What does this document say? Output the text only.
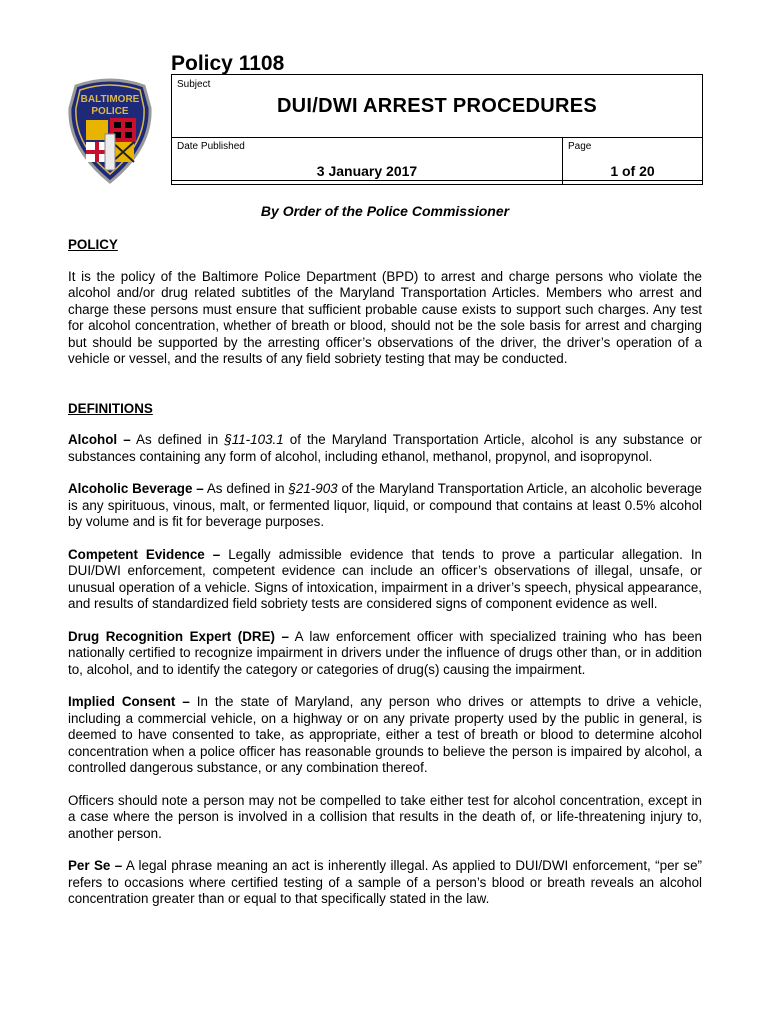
BALTIMORE
POLICE
Policy 1108
Subject
DUI/DWI ARREST PROCEDURES
Date Published	Page
3 January 2017	1 of 20
By Order of the Police Commissioner
POLICY

It is the policy of the Baltimore Police Department (BPD) to arrest and charge persons who violate the alcohol and/or drug related subtitles of the Maryland Transportation Articles. Members who arrest and charge these persons must ensure that sufficient probable cause exists to support such charges. Any test for alcohol concentration, whether of breath or blood, should not be the sole basis for arrest and charging but should be supported by the arresting officer’s observations of the driver, the driver’s operation of a vehicle or vessel, and the results of any field sobriety testing that may be conducted.

DEFINITIONS

Alcohol – As defined in §11-103.1 of the Maryland Transportation Article, alcohol is any substance or substances containing any form of alcohol, including ethanol, methanol, propynol, and isopropynol.

Alcoholic Beverage – As defined in §21-903 of the Maryland Transportation Article, an alcoholic beverage is any spirituous, vinous, malt, or fermented liquor, liquid, or compound that contains at least 0.5% alcohol by volume and is fit for beverage purposes.

Competent Evidence – Legally admissible evidence that tends to prove a particular allegation. In DUI/DWI enforcement, competent evidence can include an officer’s observations of illegal, unsafe, or unusual operation of a vehicle. Signs of intoxication, impairment in a driver’s speech, physical appearance, and results of standardized field sobriety tests are considered signs of component evidence as well.

Drug Recognition Expert (DRE) – A law enforcement officer with specialized training who has been nationally certified to recognize impairment in drivers under the influence of drugs other than, or in addition to, alcohol, and to identify the category or categories of drug(s) causing the impairment.

Implied Consent – In the state of Maryland, any person who drives or attempts to drive a vehicle, including a commercial vehicle, on a highway or on any private property used by the public in general, is deemed to have consented to take, as appropriate, either a test of breath or blood to determine alcohol concentration when a police officer has reasonable grounds to believe the person is impaired by alcohol, a controlled dangerous substance, or any combination thereof.

Officers should note a person may not be compelled to take either test for alcohol concentration, except in a case where the person is involved in a collision that results in the death of, or life-threatening injury to, another person.

Per Se – A legal phrase meaning an act is inherently illegal. As applied to DUI/DWI enforcement, “per se” refers to occasions where certified testing of a sample of a person’s blood or breath reveals an alcohol concentration greater than or equal to that specifically stated in the law.
